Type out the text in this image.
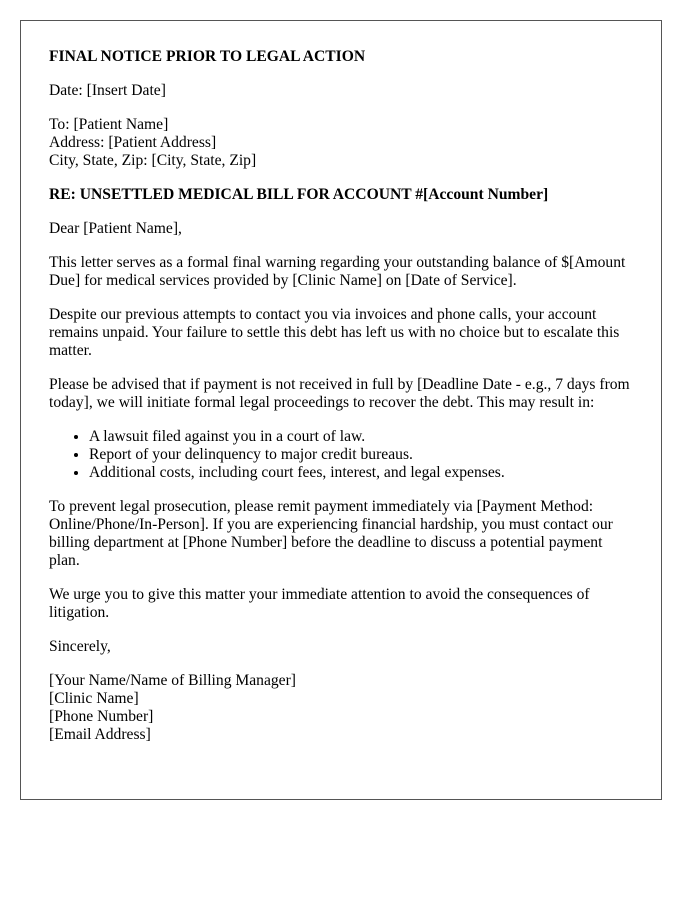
FINAL NOTICE PRIOR TO LEGAL ACTION

Date: [Insert Date]

To: [Patient Name]
Address: [Patient Address]
City, State, Zip: [City, State, Zip]

RE: UNSETTLED MEDICAL BILL FOR ACCOUNT #[Account Number]

Dear [Patient Name],

This letter serves as a formal final warning regarding your outstanding balance of $[Amount Due] for medical services provided by [Clinic Name] on [Date of Service].

Despite our previous attempts to contact you via invoices and phone calls, your account remains unpaid. Your failure to settle this debt has left us with no choice but to escalate this matter.

Please be advised that if payment is not received in full by [Deadline Date - e.g., 7 days from today], we will initiate formal legal proceedings to recover the debt. This may result in:

• A lawsuit filed against you in a court of law.
• Report of your delinquency to major credit bureaus.
• Additional costs, including court fees, interest, and legal expenses.

To prevent legal prosecution, please remit payment immediately via [Payment Method: Online/Phone/In-Person]. If you are experiencing financial hardship, you must contact our billing department at [Phone Number] before the deadline to discuss a potential payment plan.

We urge you to give this matter your immediate attention to avoid the consequences of litigation.

Sincerely,

[Your Name/Name of Billing Manager]
[Clinic Name]
[Phone Number]
[Email Address]
